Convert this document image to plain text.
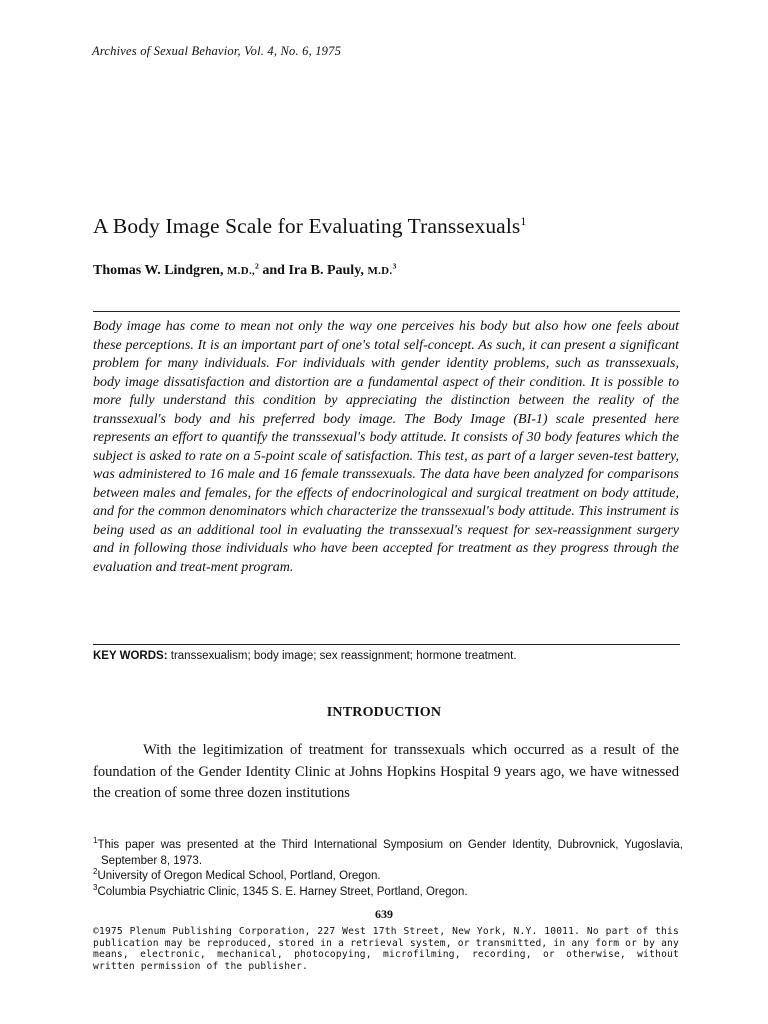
Archives of Sexual Behavior, Vol. 4, No. 6, 1975
A Body Image Scale for Evaluating Transsexuals$^1$
Thomas W. Lindgren, M.D.,$^2$ and Ira B. Pauly, M.D.$^3$

Body image has come to mean not only the way one perceives his body but also how one feels about these perceptions. It is an important part of one's total self-concept. As such, it can present a significant problem for many individuals. For individuals with gender identity problems, such as transsexuals, body image dissatisfaction and distortion are a fundamental aspect of their condition. It is possible to more fully understand this condition by appreciating the distinction between the reality of the transsexual's body and his preferred body image. The Body Image (BI-1) scale presented here represents an effort to quantify the transsexual's body attitude. It consists of 30 body features which the subject is asked to rate on a 5-point scale of satisfaction. This test, as part of a larger seven-test battery, was administered to 16 male and 16 female transsexuals. The data have been analyzed for comparisons between males and females, for the effects of endocrinological and surgical treatment on body attitude, and for the common denominators which characterize the transsexual's body attitude. This instrument is being used as an additional tool in evaluating the transsexual's request for sex-reassignment surgery and in following those individuals who have been accepted for treatment as they progress through the evaluation and treat-ment program.

KEY WORDS: transsexualism; body image; sex reassignment; hormone treatment.
INTRODUCTION

With the legitimization of treatment for transsexuals which occurred as a result of the foundation of the Gender Identity Clinic at Johns Hopkins Hospital 9 years ago, we have witnessed the creation of some three dozen institutions

$^1$This paper was presented at the Third International Symposium on Gender Identity, Dubrovnick, Yugoslavia, September 8, 1973.

$^2$University of Oregon Medical School, Portland, Oregon.

$^3$Columbia Psychiatric Clinic, 1345 S. E. Harney Street, Portland, Oregon.

639

©1975 Plenum Publishing Corporation, 227 West 17th Street, New York, N.Y. 10011. No part of this publication may be reproduced, stored in a retrieval system, or transmitted, in any form or by any means, electronic, mechanical, photocopying, microfilming, recording, or otherwise, without written permission of the publisher.
